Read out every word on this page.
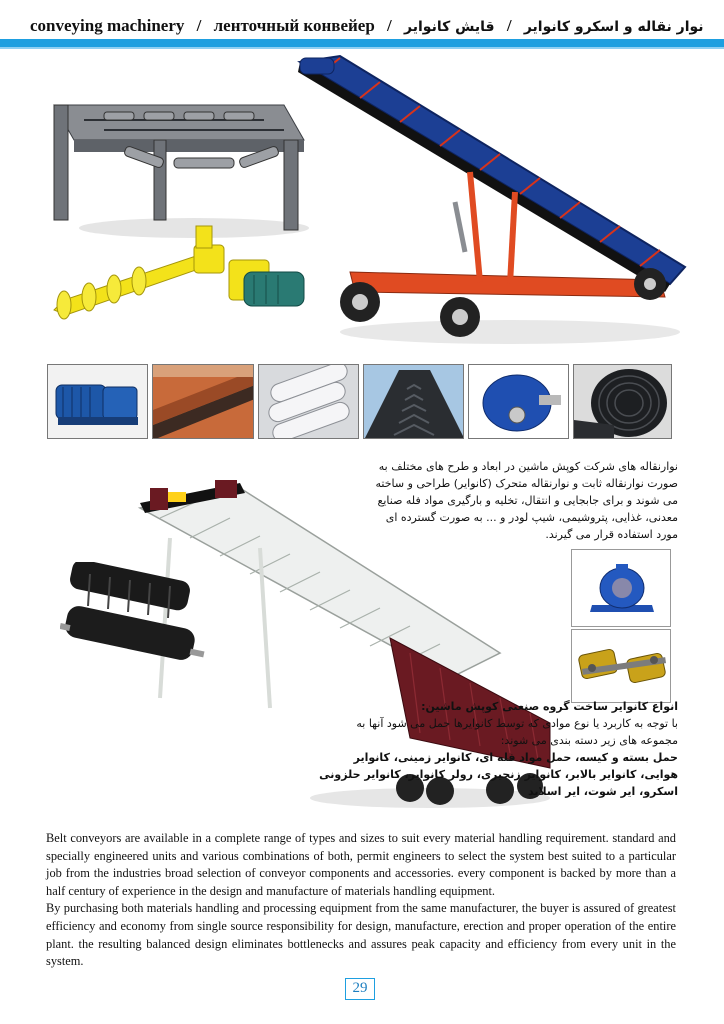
conveying machinery / ленточный конвейер / قایش کانوایر / نوار نقاله و اسکرو کانوایر

نوارنقاله های شرکت کوپش ماشین در ابعاد و طرح های مختلف به

صورت نوارنقاله ثابت و نوارنقاله متحرک (کانوایر) طراحی و ساخته

می شوند و برای جابجایی و انتقال، تخلیه و بارگیری مواد فله صنایع

معدنی، غذایی، پتروشیمی، شیپ لودر و ... به صورت گسترده ای

مورد استفاده قرار می گیرند.

انواع کانوایر ساخت گروه صنعتی کوپش ماشین:

با توجه به کاربرد یا نوع موادی که توسط کانوایرها حمل می شود آنها به

مجموعه های زیر دسته بندی می شوند:

حمل بسته و کیسه، حمل مواد فله ای، کانوایر زمینی، کانوایر

هوایی، کانوایر بالابر، کانوایر زنجیری، رولر کانوایر، کانوایر حلزونی

اسکرو، ایر شوت، ایر اسلاید

Belt conveyors are available in a complete range of types and sizes to suit every material handling requirement. standard and specially engineered units and various combinations of both, permit engineers to select the system best suited to a particular job from the industries broad selection of conveyor components and accessories. every component is backed by more than a half century of experience in the design and manufacture of materials handling equipment.

By purchasing both materials handling and processing equipment from the same manufacturer, the buyer is assured of greatest efficiency and economy from single source responsibility for design, manufacture, erection and proper operation of the entire plant. the resulting balanced design eliminates bottlenecks and assures peak capacity and efficiency from every unit in the system.

29
